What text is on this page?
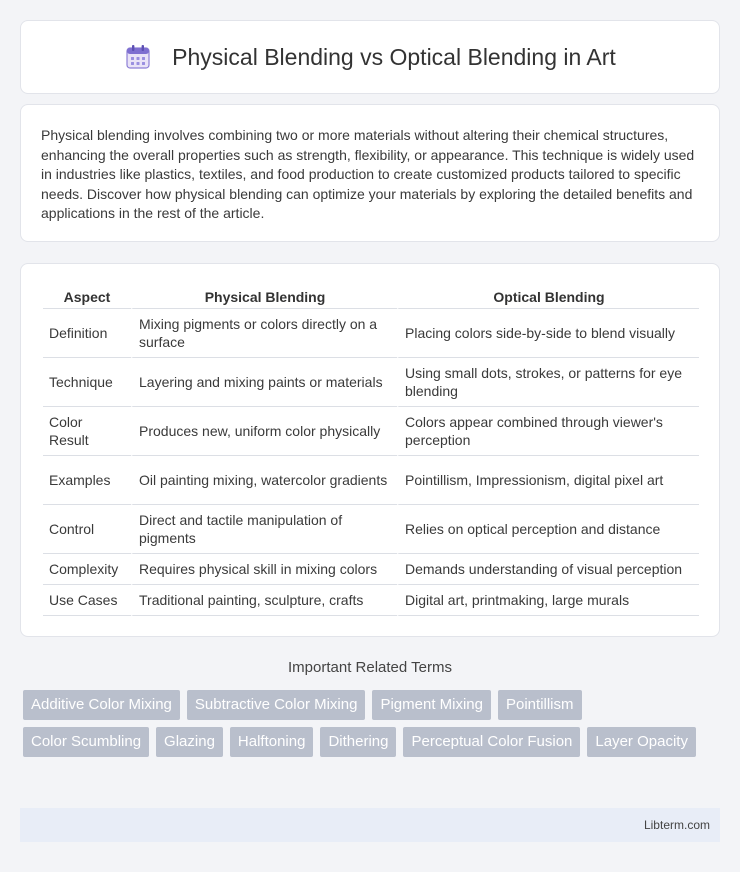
Physical Blending vs Optical Blending in Art

Physical blending involves combining two or more materials without altering their chemical structures, enhancing the overall properties such as strength, flexibility, or appearance. This technique is widely used in industries like plastics, textiles, and food production to create customized products tailored to specific needs. Discover how physical blending can optimize your materials by exploring the detailed benefits and applications in the rest of the article.

Aspect	Physical Blending	Optical Blending
Definition	Mixing pigments or colors directly on a surface	Placing colors side-by-side to blend visually
Technique	Layering and mixing paints or materials	Using small dots, strokes, or patterns for eye blending
Color Result	Produces new, uniform color physically	Colors appear combined through viewer's perception
Examples	Oil painting mixing, watercolor gradients	Pointillism, Impressionism, digital pixel art
Control	Direct and tactile manipulation of pigments	Relies on optical perception and distance
Complexity	Requires physical skill in mixing colors	Demands understanding of visual perception
Use Cases	Traditional painting, sculpture, crafts	Digital art, printmaking, large murals
Important Related Terms
Additive Color Mixing	Subtractive Color Mixing	Pigment Mixing	Pointillism
Color Scumbling	Glazing	Halftoning	Dithering	Perceptual Color Fusion	Layer Opacity
Libterm.com
